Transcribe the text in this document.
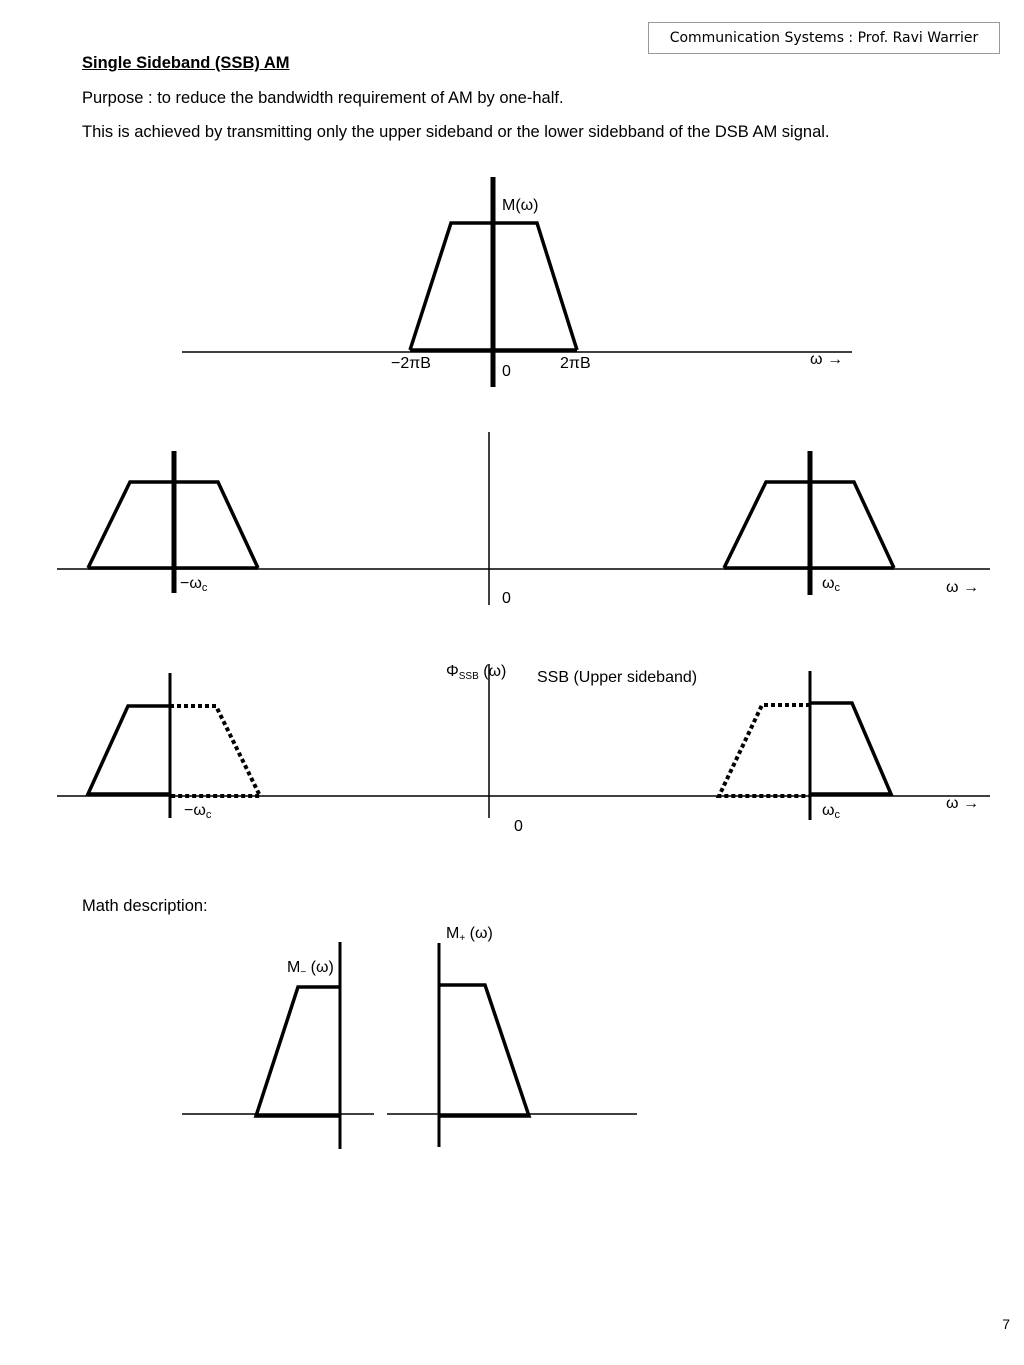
Communication Systems : Prof. Ravi Warrier
Single Sideband (SSB) AM
Purpose : to reduce the bandwidth requirement of AM by one-half.
This is achieved by transmitting only the upper sideband or the lower sidebband of the DSB AM signal.
M(ω)
−2πB	2πB
0
ω →
−ωc	ωc
0
ω →
ΦSSB (ω) SSB (Upper sideband)
−ωc	ωc
0
ω →
Math description:
M+ (ω)
M− (ω)
7
